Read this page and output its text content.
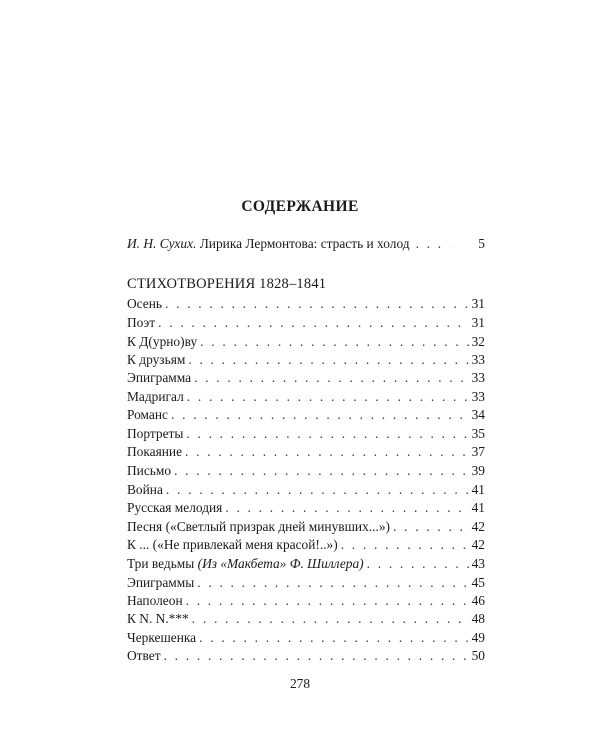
СОДЕРЖАНИЕ
И. Н. Сухих. Лирика Лермонтова: страсть и холод . . .	5
СТИХОТВОРЕНИЯ 1828–1841
Осень . . .	31
Поэт . . .	31
К Д(урно)ву . . .	32
К друзьям . . .	33
Эпиграмма . . .	33
Мадригал . . .	33
Романс . . .	34
Портреты . . .	35
Покаяние . . .	37
Письмо . . .	39
Война . . .	41
Русская мелодия . . .	41
Песня («Светлый призрак дней минувших...») . . .	42
К ... («Не привлекай меня красой!..») . . .	42
Три ведьмы (Из «Макбета» Ф. Шиллера) . . .	43
Эпиграммы . . .	45
Наполеон . . .	46
К N. N.*** . . .	48
Черкешенка . . .	49
Ответ . . .	50
278
